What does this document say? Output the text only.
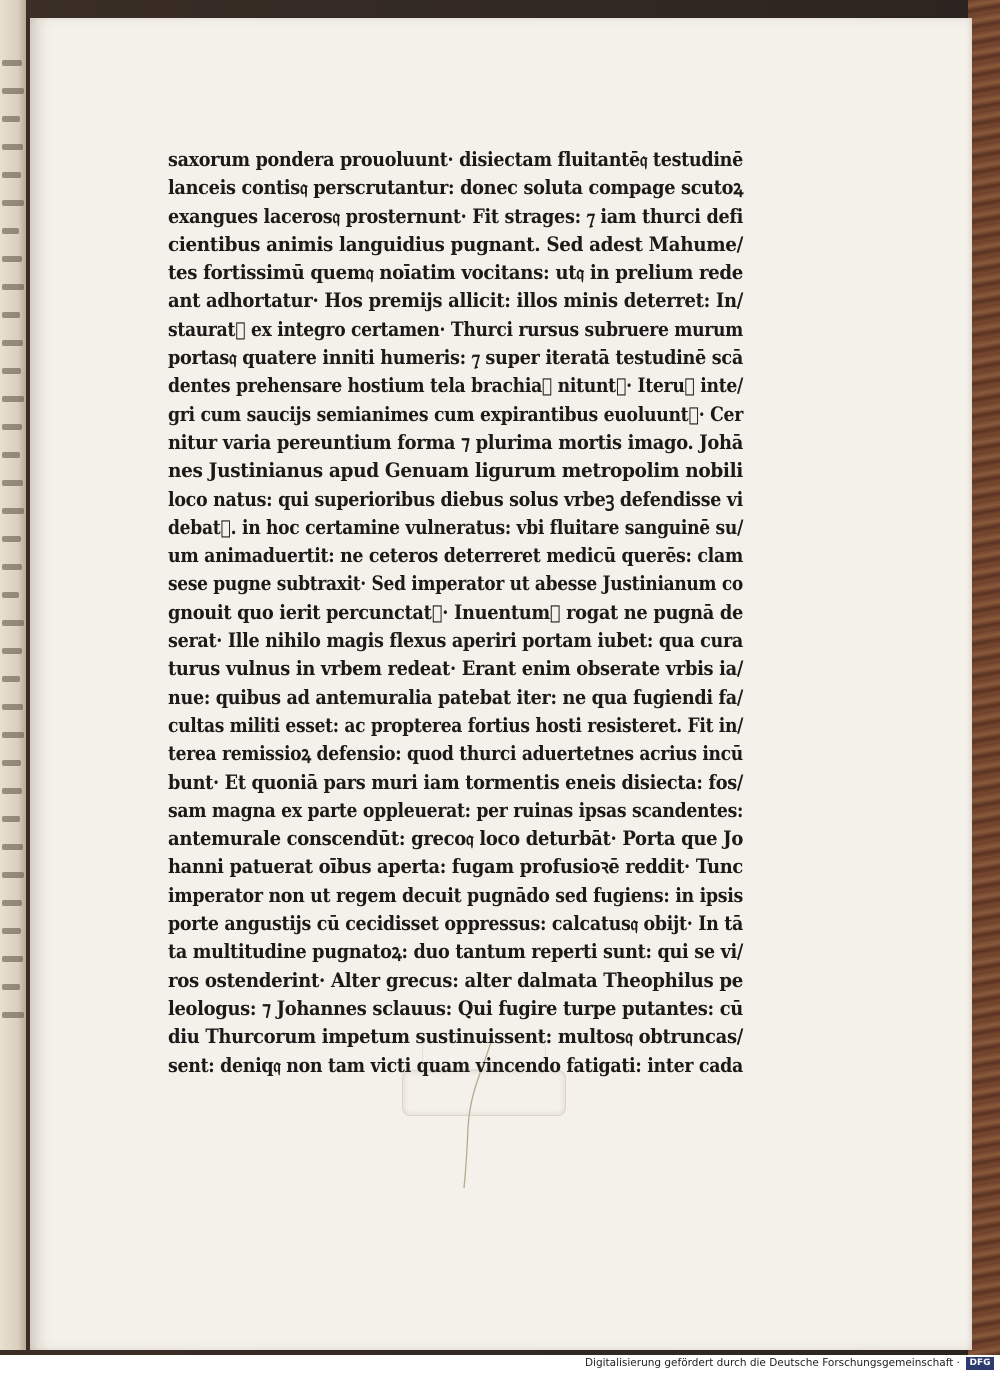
saxorum pondera prouoluunt· disiectam fluitantē𝔮 testudinē
lanceis contis𝔮 perscrutantur: donec soluta compage scutoꝝ
exangues laceros𝔮 prosternunt· Fit strages: ⁊ iam thurci defi
cientibus animis languidius pugnant. Sed adest Mahume/
tes fortissimū quem𝔮 noīatim vocitans: ut𝔮 in prelium rede
ant adhortatur· Hos premijs allicit: illos minis deterret: In/
stauratᷣ ex integro certamen· Thurci rursus subruere murum
portas𝔮 quatere inniti humeris: ⁊ super iteratā testudinē scā
dentes prehensare hostium tela brachia𝔮 nituntᷣ· Iteruꝫ inte/
gri cum saucijs semianimes cum expirantibus euoluuntᷣ· Cer
nitur varia pereuntium forma ⁊ plurima mortis imago. Johā
nes Justinianus apud Genuam ligurum metropolim nobili
loco natus: qui superioribus diebus solus vrbeꝫ defendisse vi
debatᷣ. in hoc certamine vulneratus: vbi fluitare sanguinē su/
um animaduertit: ne ceteros deterreret medicū querēs: clam
sese pugne subtraxit· Sed imperator ut abesse Justinianum co
gnouit quo ierit percunctatᷣ· Inuentum𝔮 rogat ne pugnā de
serat· Ille nihilo magis flexus aperiri portam iubet: qua cura
turus vulnus in vrbem redeat· Erant enim obserate vrbis ia/
nue: quibus ad antemuralia patebat iter: ne qua fugiendi fa/
cultas militi esset: ac propterea fortius hosti resisteret. Fit in/
terea remissioꝝ defensio: quod thurci aduertetnes acrius incū
bunt· Et quoniā pars muri iam tormentis eneis disiecta: fos/
sam magna ex parte oppleuerat: per ruinas ipsas scandentes:
antemurale conscendūt: greco𝔮 loco deturbāt· Porta que Jo
hanni patuerat oībus aperta: fugam profusioꝛē reddit· Tunc
imperator non ut regem decuit pugnādo sed fugiens: in ipsis
porte angustijs cū cecidisset oppressus: calcatus𝔮 obijt· In tā
ta multitudine pugnatoꝝ: duo tantum reperti sunt: qui se vi/
ros ostenderint· Alter grecus: alter dalmata Theophilus pe
leologus: ⁊ Johannes sclauus: Qui fugire turpe putantes: cū
diu Thurcorum impetum sustinuissent: multos𝔮 obtruncas/
sent: deniq𝔮 non tam victi quam vincendo fatigati: inter cada
Digitalisierung gefördert durch die Deutsche Forschungsgemeinschaft ·	DFG
